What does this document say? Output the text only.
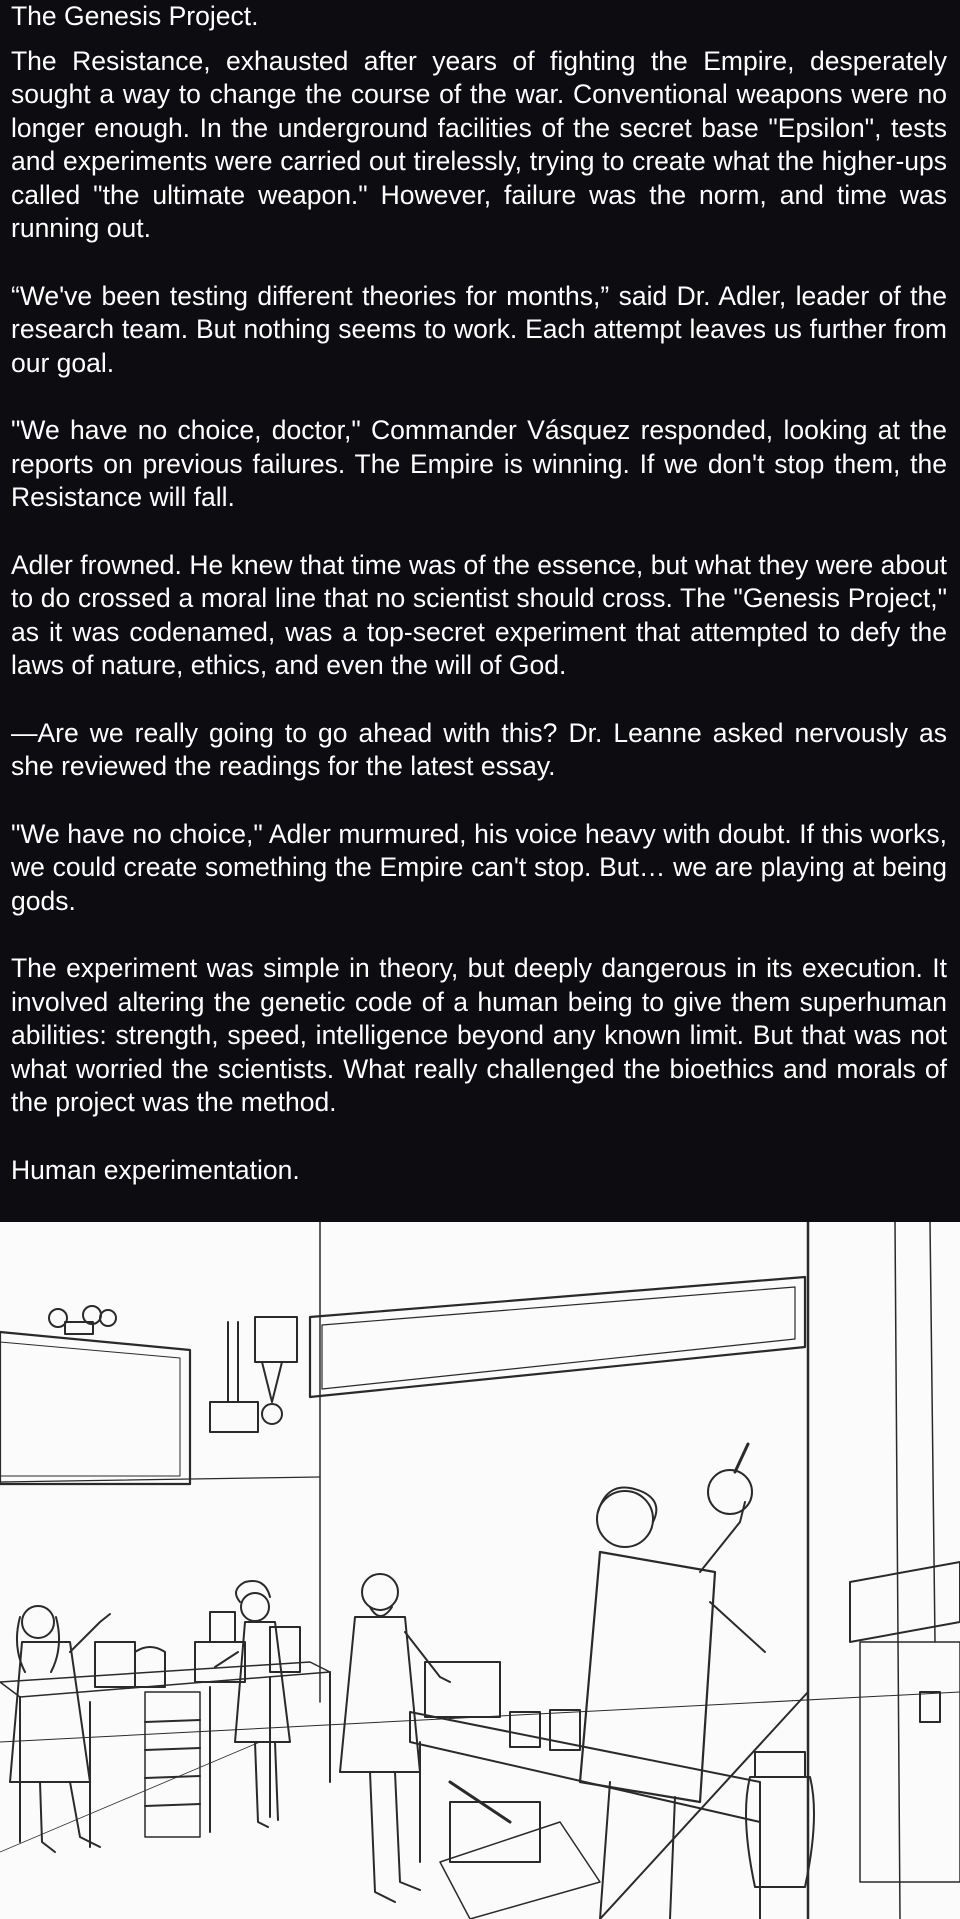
The Genesis Project.

The Resistance, exhausted after years of fighting the Empire, desperately sought a way to change the course of the war. Conventional weapons were no longer enough. In the underground facilities of the secret base "Epsilon", tests and experiments were carried out tirelessly, trying to create what the higher-ups called "the ultimate weapon." However, failure was the norm, and time was running out.

“We've been testing different theories for months,” said Dr. Adler, leader of the research team. But nothing seems to work. Each attempt leaves us further from our goal.

"We have no choice, doctor," Commander Vásquez responded, looking at the reports on previous failures. The Empire is winning. If we don't stop them, the Resistance will fall.

Adler frowned. He knew that time was of the essence, but what they were about to do crossed a moral line that no scientist should cross. The "Genesis Project," as it was codenamed, was a top-secret experiment that attempted to defy the laws of nature, ethics, and even the will of God.

—Are we really going to go ahead with this? Dr. Leanne asked nervously as she reviewed the readings for the latest essay.

"We have no choice," Adler murmured, his voice heavy with doubt. If this works, we could create something the Empire can't stop. But… we are playing at being gods.

The experiment was simple in theory, but deeply dangerous in its execution. It involved altering the genetic code of a human being to give them superhuman abilities: strength, speed, intelligence beyond any known limit. But that was not what worried the scientists. What really challenged the bioethics and morals of the project was the method.

Human experimentation.
